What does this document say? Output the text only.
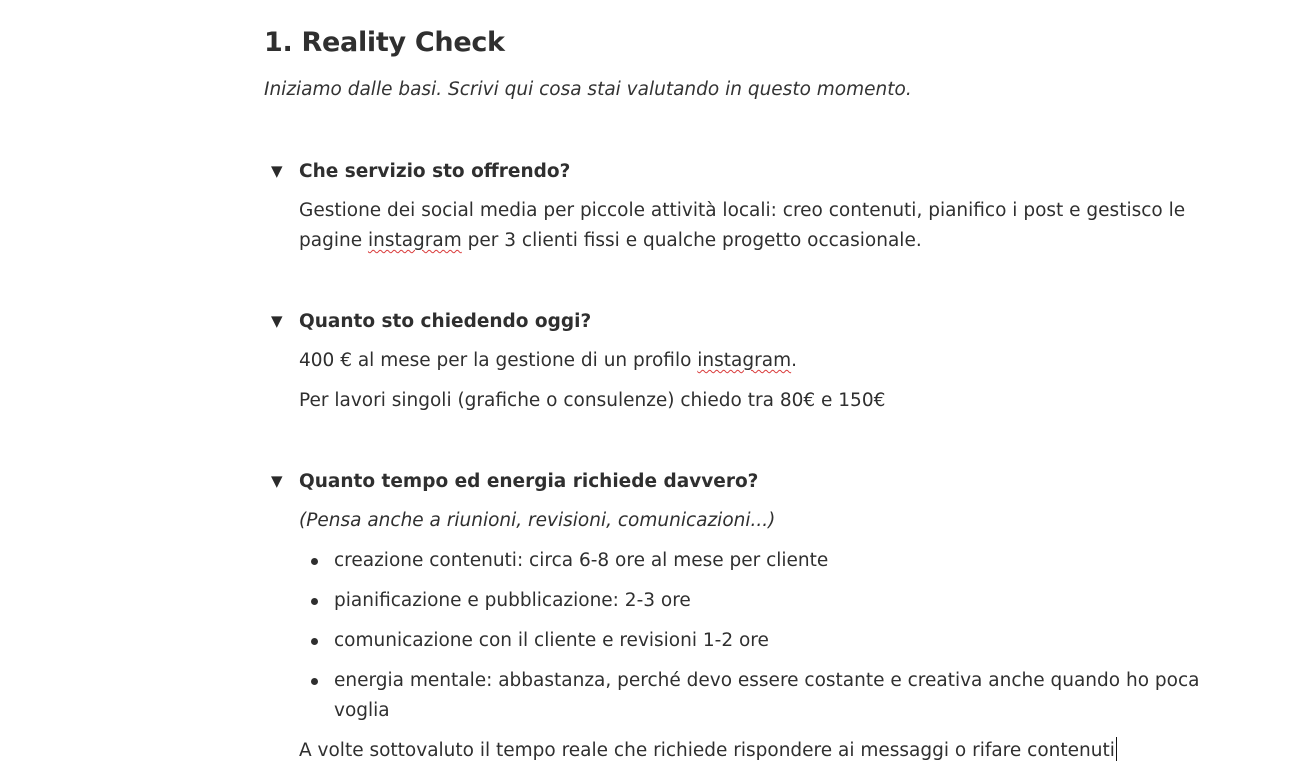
1. Reality Check
Iniziamo dalle basi. Scrivi qui cosa stai valutando in questo momento.
▼ Che servizio sto offrendo?
Gestione dei social media per piccole attività locali: creo contenuti, pianifico i post e gestisco le
pagine instagram per 3 clienti fissi e qualche progetto occasionale.
▼ Quanto sto chiedendo oggi?
400 € al mese per la gestione di un profilo instagram.
Per lavori singoli (grafiche o consulenze) chiedo tra 80€ e 150€
▼ Quanto tempo ed energia richiede davvero?
(Pensa anche a riunioni, revisioni, comunicazioni...)
creazione contenuti: circa 6-8 ore al mese per cliente
pianificazione e pubblicazione: 2-3 ore
comunicazione con il cliente e revisioni 1-2 ore
energia mentale: abbastanza, perché devo essere costante e creativa anche quando ho poca
voglia
A volte sottovaluto il tempo reale che richiede rispondere ai messaggi o rifare contenuti
